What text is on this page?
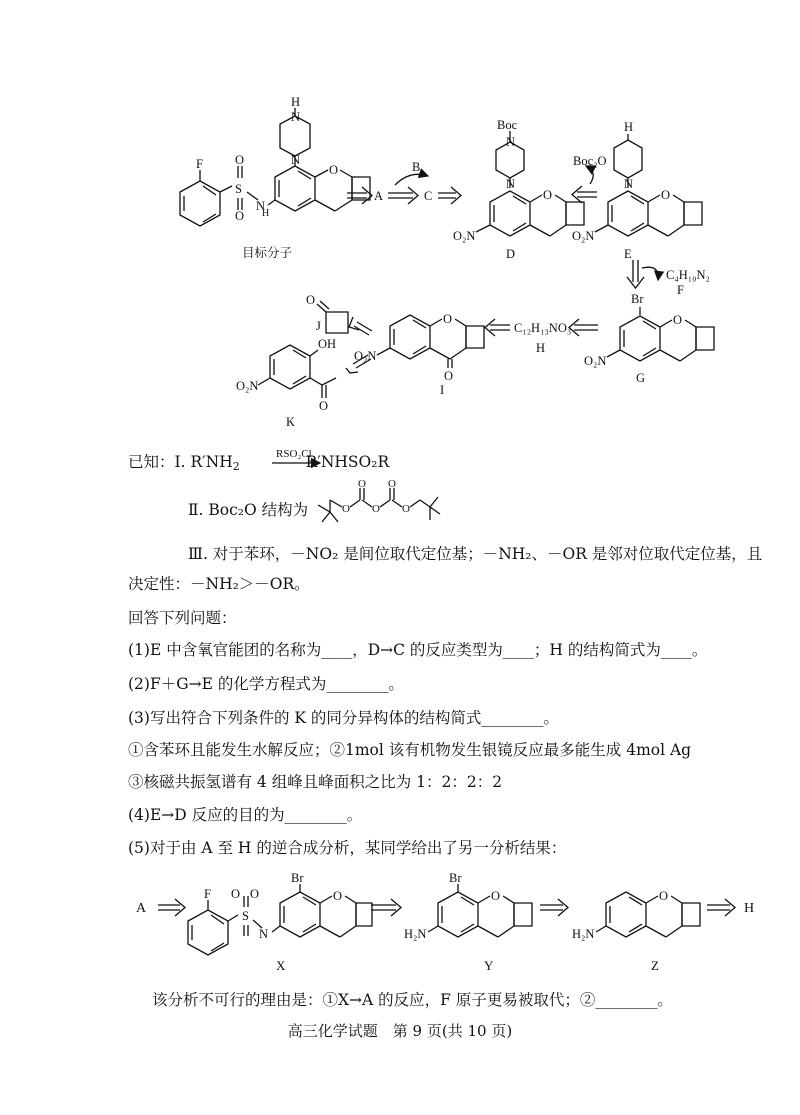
H
F
S
O
O
N
H
O
N
N
A
B
C
Boc
N
N
O
O₂N
D
Boc₂O
H
N
O
O₂N
E
C₄H₁₀N₂
F
Br
O
O₂N
G
C₁₂H₁₃NO₃
H
O
O
O₂N
I
O
J
OH
O
O₂N
K
RSO₂Cl
O
O
O
O
O
A	H
F
S
O O
N
Br
O
X
Br
O
H₂N
Y
O
H₂N
Z
目标分子
已知：Ⅰ. $R'NH_2$	R′NHSO₂R
Ⅱ. Boc₂O 结构为
Ⅲ. 对于苯环，－NO₂ 是间位取代定位基；－NH₂、－OR 是邻对位取代定位基，且
决定性：－NH₂＞－OR。
回答下列问题：
(1)E 中含氧官能团的名称为____，D→C 的反应类型为____；H 的结构简式为____。
(2)F＋G→E 的化学方程式为________。
(3)写出符合下列条件的 K 的同分异构体的结构简式________。
①含苯环且能发生水解反应；②1mol 该有机物发生银镜反应最多能生成 4mol Ag
③核磁共振氢谱有 4 组峰且峰面积之比为 1：2：2：2
(4)E→D 反应的目的为________。
(5)对于由 A 至 H 的逆合成分析，某同学给出了另一分析结果：
该分析不可行的理由是：①X→A 的反应，F 原子更易被取代；②________。
高三化学试题　第 9 页(共 10 页)
